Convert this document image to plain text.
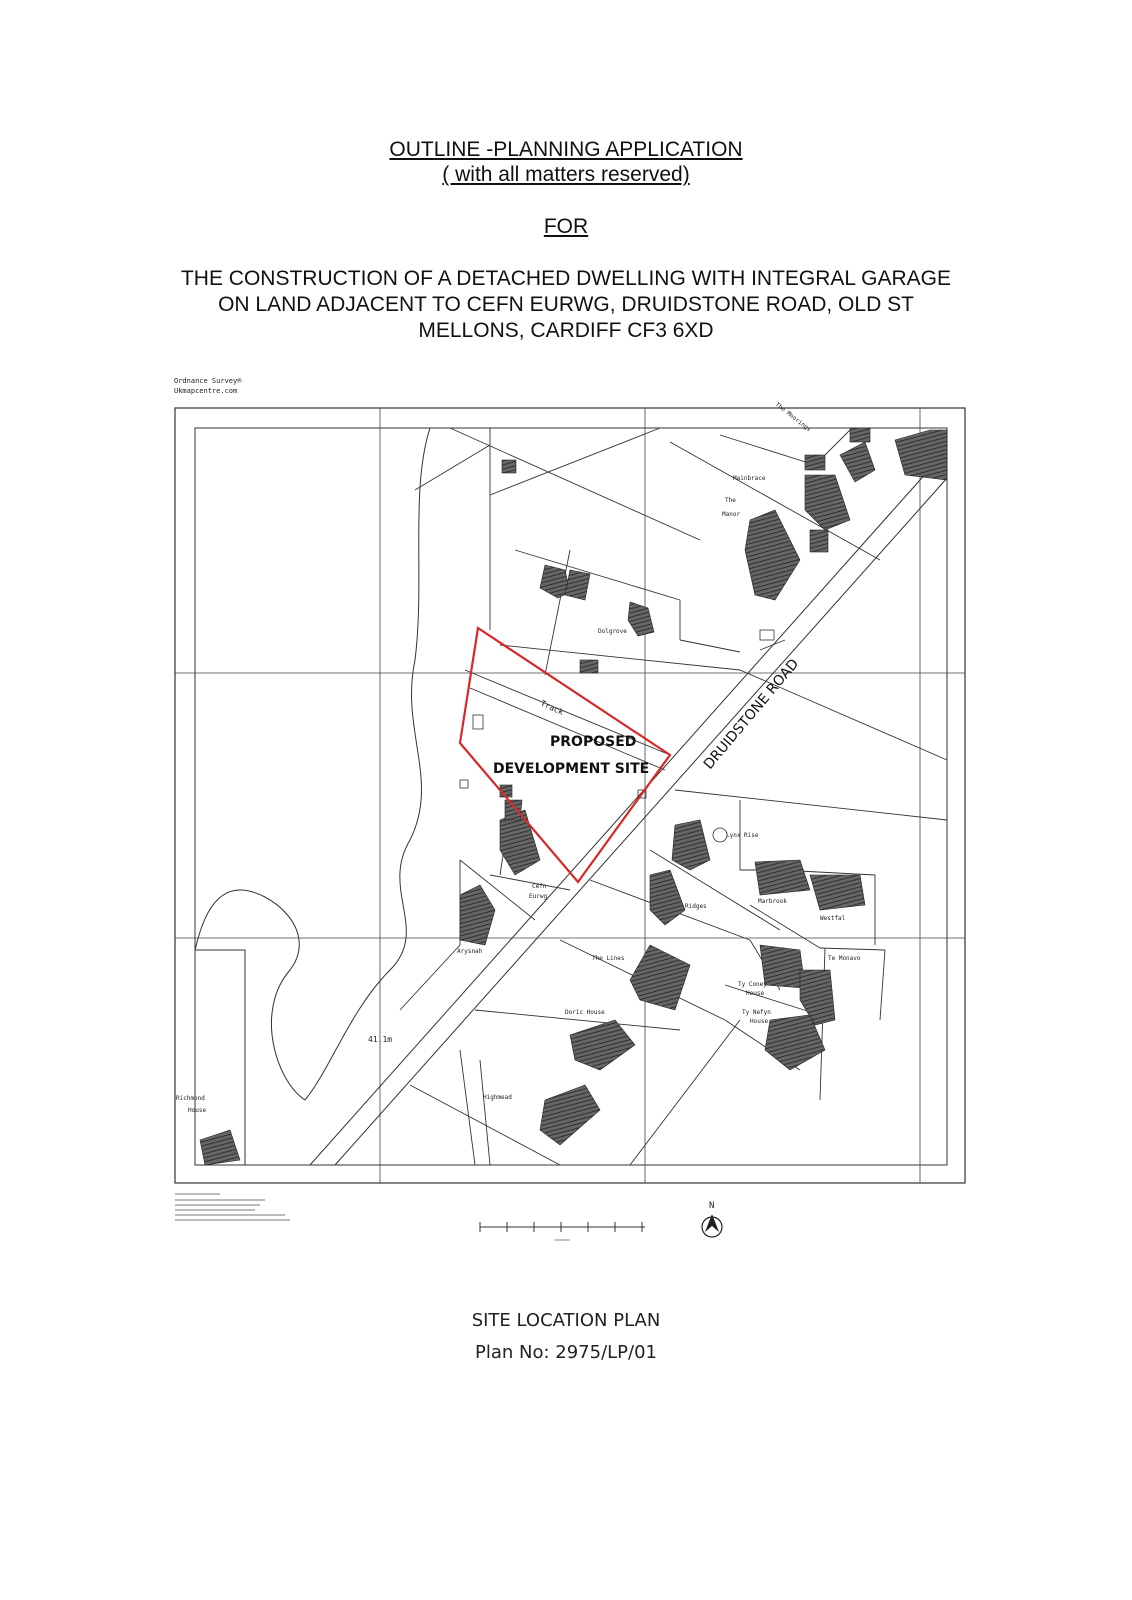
OUTLINE -PLANNING APPLICATION
( with all matters reserved)
FOR
THE CONSTRUCTION OF A DETACHED DWELLING WITH INTEGRAL GARAGE
ON LAND ADJACENT TO CEFN EURWG, DRUIDSTONE ROAD, OLD ST
MELLONS, CARDIFF CF3 6XD
Ordnance Survey®
Ukmapcentre.com
PROPOSED
DEVELOPMENT SITE	DRUIDSTONE ROAD
Track
41.1m
The Moorings
Mainbrace
The
Manor
Dolgrove
Cefn
Eurwg
Arysnah
Lynx Rise
Marbrook
Westfal
Ridges
The Lines	Te Monavo
Ty Coney
House
Ty Nefyn
House
Doric House
Highmead
Richmond
House
N
SITE LOCATION PLAN
Plan No: 2975/LP/01
